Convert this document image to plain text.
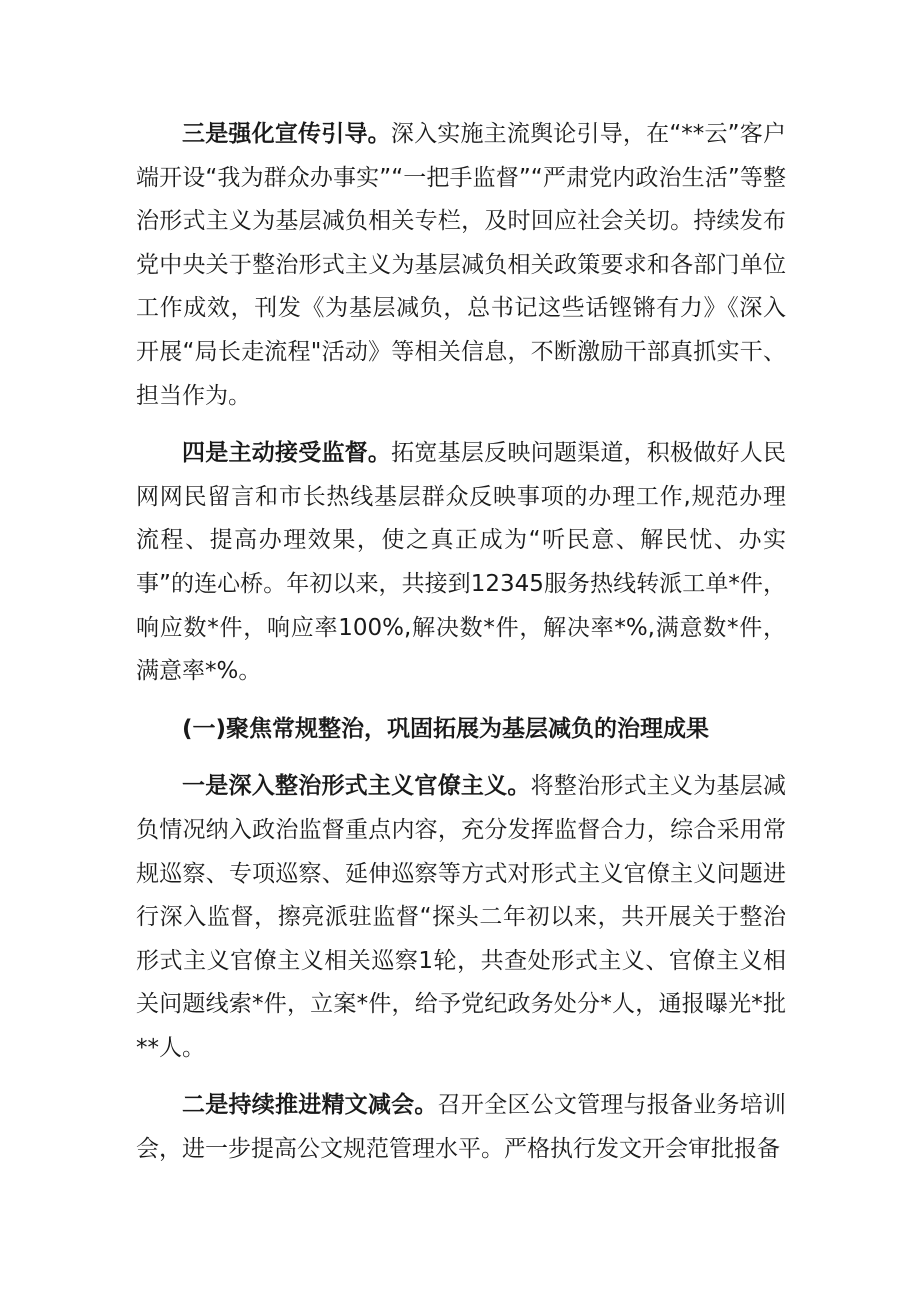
三是强化宣传引导。深入实施主流舆论引导，在“**云”客户端开设“我为群众办事实”“一把手监督”“严肃党内政治生活”等整治形式主义为基层减负相关专栏，及时回应社会关切。持续发布党中央关于整治形式主义为基层减负相关政策要求和各部门单位工作成效，刊发《为基层减负，总书记这些话铿锵有力》《深入开展“局长走流程"活动》等相关信息，不断激励干部真抓实干、担当作为。

四是主动接受监督。拓宽基层反映问题渠道，积极做好人民网网民留言和市长热线基层群众反映事项的办理工作,规范办理流程、提高办理效果，使之真正成为“听民意、解民忧、办实事”的连心桥。年初以来，共接到12345服务热线转派工单*件，响应数*件，响应率100%,解决数*件，解决率*%,满意数*件，满意率*%。

(一)聚焦常规整治，巩固拓展为基层减负的治理成果

一是深入整治形式主义官僚主义。将整治形式主义为基层减负情况纳入政治监督重点内容，充分发挥监督合力，综合采用常规巡察、专项巡察、延伸巡察等方式对形式主义官僚主义问题进行深入监督，擦亮派驻监督“探头二年初以来，共开展关于整治形式主义官僚主义相关巡察1轮，共查处形式主义、官僚主义相关问题线索*件，立案*件，给予党纪政务处分*人，通报曝光*批**人。

二是持续推进精文减会。召开全区公文管理与报备业务培训会，进一步提高公文规范管理水平。严格执行发文开会审批报备
